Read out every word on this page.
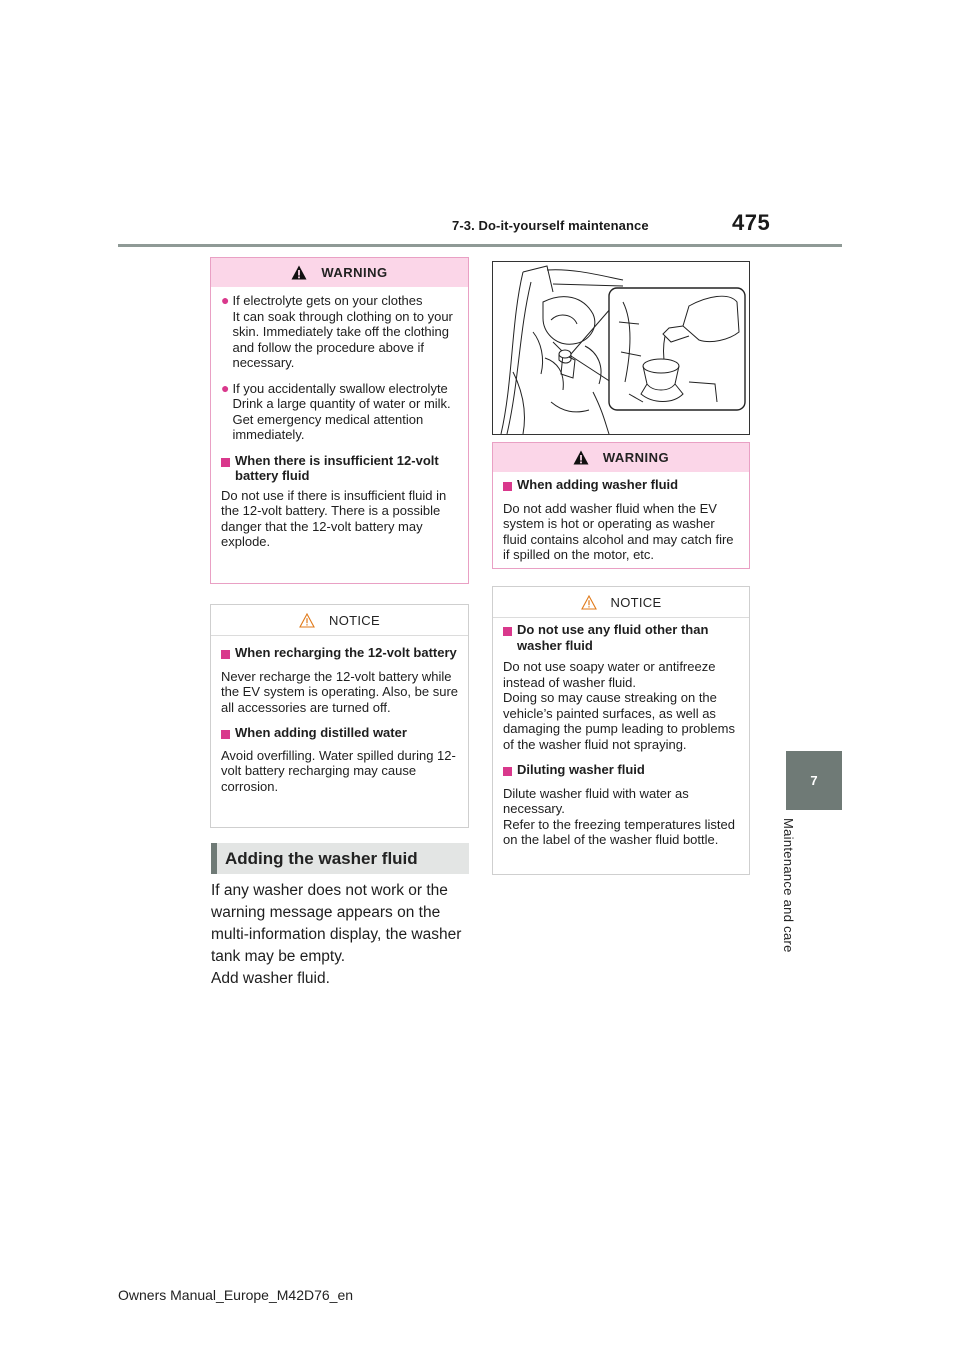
7-3. Do-it-yourself maintenance	475
7
Maintenance and care
WARNING
● If electrolyte gets on your clothes
It can soak through clothing on to your skin. Immediately take off the clothing and follow the procedure above if necessary.
● If you accidentally swallow electrolyte
Drink a large quantity of water or milk. Get emergency medical attention immediately.
When there is insufficient 12-volt battery fluid
Do not use if there is insufficient fluid in the 12-volt battery. There is a possible danger that the 12-volt battery may explode.
NOTICE
When recharging the 12-volt battery
Never recharge the 12-volt battery while the EV system is operating. Also, be sure all accessories are turned off.
When adding distilled water
Avoid overfilling. Water spilled during 12-volt battery recharging may cause corrosion.
Adding the washer fluid
If any washer does not work or the warning message appears on the multi-information display, the washer tank may be empty.
Add washer fluid.
WARNING
When adding washer fluid
Do not add washer fluid when the EV system is hot or operating as washer fluid contains alcohol and may catch fire if spilled on the motor, etc.
NOTICE
Do not use any fluid other than washer fluid
Do not use soapy water or antifreeze instead of washer fluid.
Doing so may cause streaking on the vehicle’s painted surfaces, as well as damaging the pump leading to problems of the washer fluid not spraying.
Diluting washer fluid
Dilute washer fluid with water as necessary.
Refer to the freezing temperatures listed on the label of the washer fluid bottle.
Owners Manual_Europe_M42D76_en
